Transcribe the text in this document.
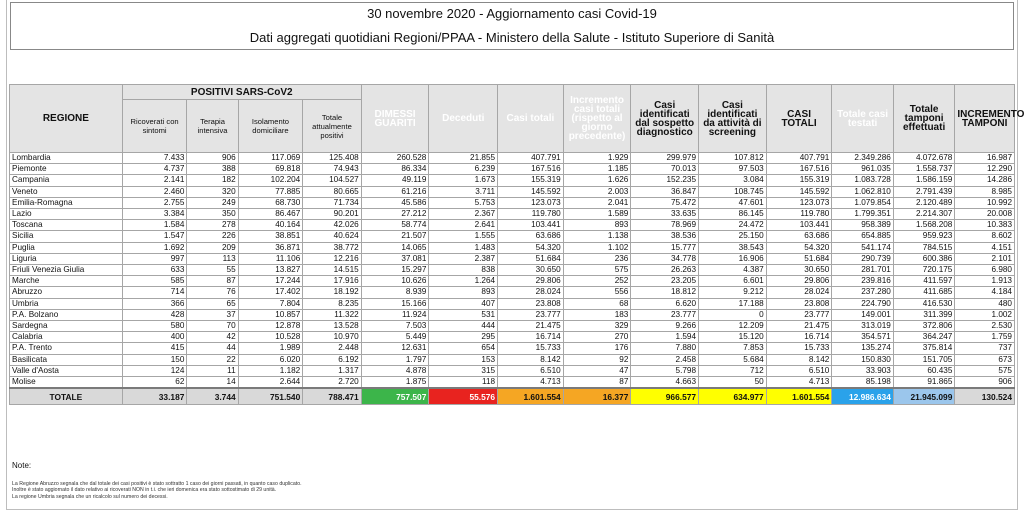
30 novembre 2020 - Aggiornamento casi Covid-19
Dati aggregati quotidiani Regioni/PPAA - Ministero della Salute - Istituto Superiore di Sanità
REGIONE	POSITIVI SARS-CoV2				DIMESSI GUARITI	Deceduti	Casi totali	Incremento casi totali (rispetto al giorno precedente)	Casi identificati dal sospetto diagnostico	Casi identificati da attività di screening	CASI TOTALI	Totale casi testati	Totale tamponi effettuati	INCREMENTO TAMPONI
	Ricoverati con sintomi	Terapia intensiva	Isolamento domiciliare	Totale attualmente positivi										
Lombardia	7.433	906	117.069	125.408	260.528	21.855	407.791	1.929	299.979	107.812	407.791	2.349.286	4.072.678	16.987
Piemonte	4.737	388	69.818	74.943	86.334	6.239	167.516	1.185	70.013	97.503	167.516	961.035	1.558.737	12.290
Campania	2.141	182	102.204	104.527	49.119	1.673	155.319	1.626	152.235	3.084	155.319	1.083.728	1.586.159	14.286
Veneto	2.460	320	77.885	80.665	61.216	3.711	145.592	2.003	36.847	108.745	145.592	1.062.810	2.791.439	8.985
Emilia-Romagna	2.755	249	68.730	71.734	45.586	5.753	123.073	2.041	75.472	47.601	123.073	1.079.854	2.120.489	10.992
Lazio	3.384	350	86.467	90.201	27.212	2.367	119.780	1.589	33.635	86.145	119.780	1.799.351	2.214.307	20.008
Toscana	1.584	278	40.164	42.026	58.774	2.641	103.441	893	78.969	24.472	103.441	958.389	1.568.208	10.383
Sicilia	1.547	226	38.851	40.624	21.507	1.555	63.686	1.138	38.536	25.150	63.686	654.885	959.923	8.602
Puglia	1.692	209	36.871	38.772	14.065	1.483	54.320	1.102	15.777	38.543	54.320	541.174	784.515	4.151
Liguria	997	113	11.106	12.216	37.081	2.387	51.684	236	34.778	16.906	51.684	290.739	600.386	2.101
Friuli Venezia Giulia	633	55	13.827	14.515	15.297	838	30.650	575	26.263	4.387	30.650	281.701	720.175	6.980
Marche	585	87	17.244	17.916	10.626	1.264	29.806	252	23.205	6.601	29.806	239.816	411.597	1.913
Abruzzo	714	76	17.402	18.192	8.939	893	28.024	556	18.812	9.212	28.024	237.280	411.685	4.184
Umbria	366	65	7.804	8.235	15.166	407	23.808	68	6.620	17.188	23.808	224.790	416.530	480
P.A. Bolzano	428	37	10.857	11.322	11.924	531	23.777	183	23.777	0	23.777	149.001	311.399	1.002
Sardegna	580	70	12.878	13.528	7.503	444	21.475	329	9.266	12.209	21.475	313.019	372.806	2.530
Calabria	400	42	10.528	10.970	5.449	295	16.714	270	1.594	15.120	16.714	354.571	364.247	1.759
P.A. Trento	415	44	1.989	2.448	12.631	654	15.733	176	7.880	7.853	15.733	135.274	375.814	737
Basilicata	150	22	6.020	6.192	1.797	153	8.142	92	2.458	5.684	8.142	150.830	151.705	673
Valle d'Aosta	124	11	1.182	1.317	4.878	315	6.510	47	5.798	712	6.510	33.903	60.435	575
Molise	62	14	2.644	2.720	1.875	118	4.713	87	4.663	50	4.713	85.198	91.865	906
TOTALE	33.187	3.744	751.540	788.471	757.507	55.576	1.601.554	16.377	966.577	634.977	1.601.554	12.986.634	21.945.099	130.524
Note:
La Regione Abruzzo segnala che dal totale dei casi positivi è stato sottratto 1 caso dei giorni passati, in quanto caso duplicato.
Inoltre è stato aggiornato il dato relativo ai ricoverati NON in t.i. che ieri domenica era stato sottostimato di 29 unità.
La regione Umbria segnala che un ricalcolo sul numero dei decessi.
